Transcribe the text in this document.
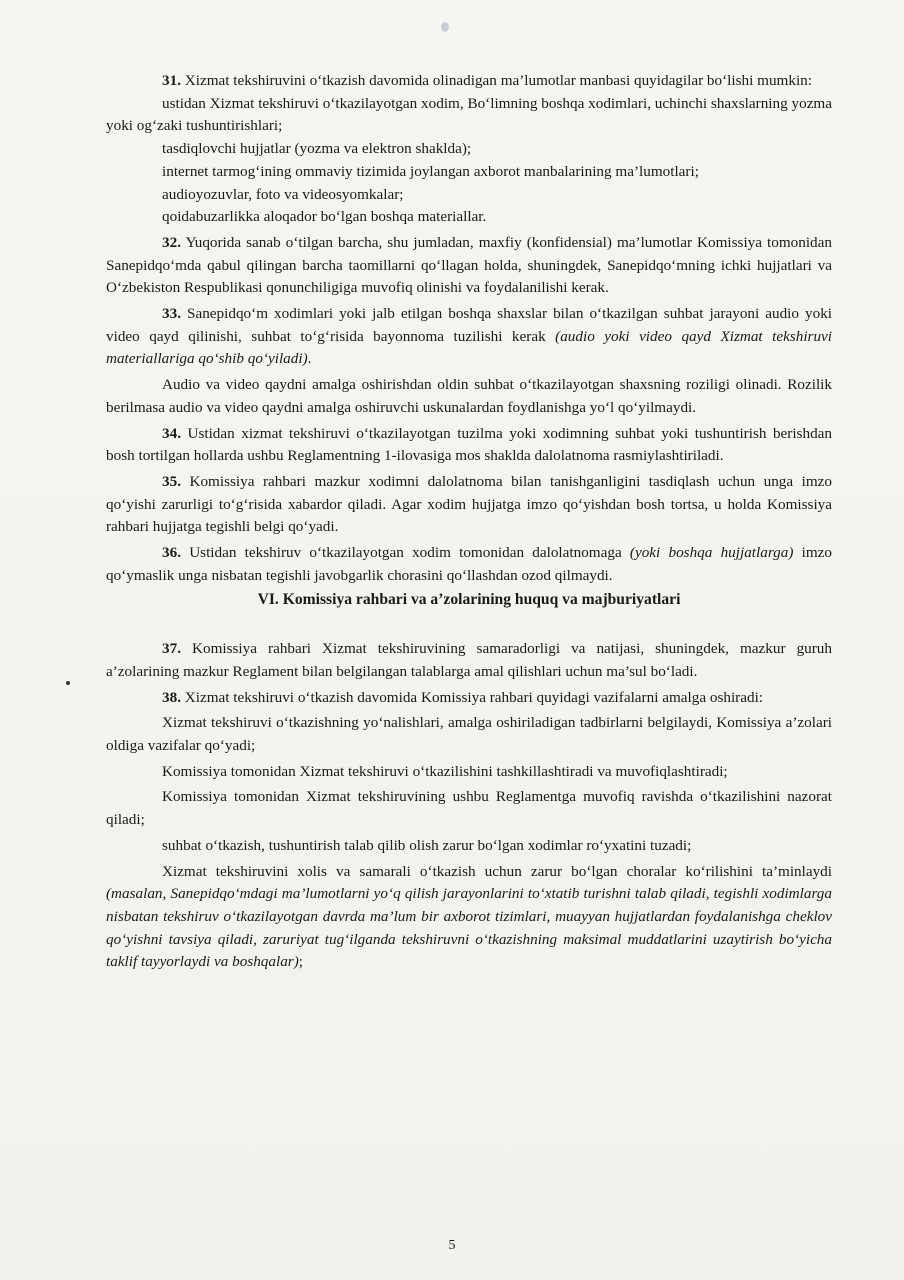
31. Xizmat tekshiruvini o‘tkazish davomida olinadigan ma’lumotlar manbasi quyidagilar bo‘lishi mumkin:

ustidan Xizmat tekshiruvi o‘tkazilayotgan xodim, Bo‘limning boshqa xodimlari, uchinchi shaxslarning yozma yoki og‘zaki tushuntirishlari;

tasdiqlovchi hujjatlar (yozma va elektron shaklda);

internet tarmog‘ining ommaviy tizimida joylangan axborot manbalarining ma’lumotlari;

audioyozuvlar, foto va videosyomkalar;

qoidabuzarlikka aloqador bo‘lgan boshqa materiallar.

32. Yuqorida sanab o‘tilgan barcha, shu jumladan, maxfiy (konfidensial) ma’lumotlar Komissiya tomonidan Sanepidqo‘mda qabul qilingan barcha taomillarni qo‘llagan holda, shuningdek, Sanepidqo‘mning ichki hujjatlari va O‘zbekiston Respublikasi qonunchiligiga muvofiq olinishi va foydalanilishi kerak.

33. Sanepidqo‘m xodimlari yoki jalb etilgan boshqa shaxslar bilan o‘tkazilgan suhbat jarayoni audio yoki video qayd qilinishi, suhbat to‘g‘risida bayonnoma tuzilishi kerak (audio yoki video qayd Xizmat tekshiruvi materiallariga qo‘shib qo‘yiladi).

Audio va video qaydni amalga oshirishdan oldin suhbat o‘tkazilayotgan shaxsning roziligi olinadi. Rozilik berilmasa audio va video qaydni amalga oshiruvchi uskunalardan foydlanishga yo‘l qo‘yilmaydi.

34. Ustidan xizmat tekshiruvi o‘tkazilayotgan tuzilma yoki xodimning suhbat yoki tushuntirish berishdan bosh tortilgan hollarda ushbu Reglamentning 1-ilovasiga mos shaklda dalolatnoma rasmiylashtiriladi.

35. Komissiya rahbari mazkur xodimni dalolatnoma bilan tanishganligini tasdiqlash uchun unga imzo qo‘yishi zarurligi to‘g‘risida xabardor qiladi. Agar xodim hujjatga imzo qo‘yishdan bosh tortsa, u holda Komissiya rahbari hujjatga tegishli belgi qo‘yadi.

36. Ustidan tekshiruv o‘tkazilayotgan xodim tomonidan dalolatnomaga (yoki boshqa hujjatlarga) imzo qo‘ymaslik unga nisbatan tegishli javobgarlik chorasini qo‘llashdan ozod qilmaydi.

VI. Komissiya rahbari va a’zolarining huquq va majburiyatlari

37. Komissiya rahbari Xizmat tekshiruvining samaradorligi va natijasi, shuningdek, mazkur guruh a’zolarining mazkur Reglament bilan belgilangan talablarga amal qilishlari uchun ma’sul bo‘ladi.

38. Xizmat tekshiruvi o‘tkazish davomida Komissiya rahbari quyidagi vazifalarni amalga oshiradi:

Xizmat tekshiruvi o‘tkazishning yo‘nalishlari, amalga oshiriladigan tadbirlarni belgilaydi, Komissiya a’zolari oldiga vazifalar qo‘yadi;

Komissiya tomonidan Xizmat tekshiruvi o‘tkazilishini tashkillashtiradi va muvofiqlashtiradi;

Komissiya tomonidan Xizmat tekshiruvining ushbu Reglamentga muvofiq ravishda o‘tkazilishini nazorat qiladi;

suhbat o‘tkazish, tushuntirish talab qilib olish zarur bo‘lgan xodimlar ro‘yxatini tuzadi;

Xizmat tekshiruvini xolis va samarali o‘tkazish uchun zarur bo‘lgan choralar ko‘rilishini ta’minlaydi (masalan, Sanepidqo‘mdagi ma’lumotlarni yo‘q qilish jarayonlarini to‘xtatib turishni talab qiladi, tegishli xodimlarga nisbatan tekshiruv o‘tkazilayotgan davrda ma’lum bir axborot tizimlari, muayyan hujjatlardan foydalanishga cheklov qo‘yishni tavsiya qiladi, zaruriyat tug‘ilganda tekshiruvni o‘tkazishning maksimal muddatlarini uzaytirish bo‘yicha taklif tayyorlaydi va boshqalar);

5
